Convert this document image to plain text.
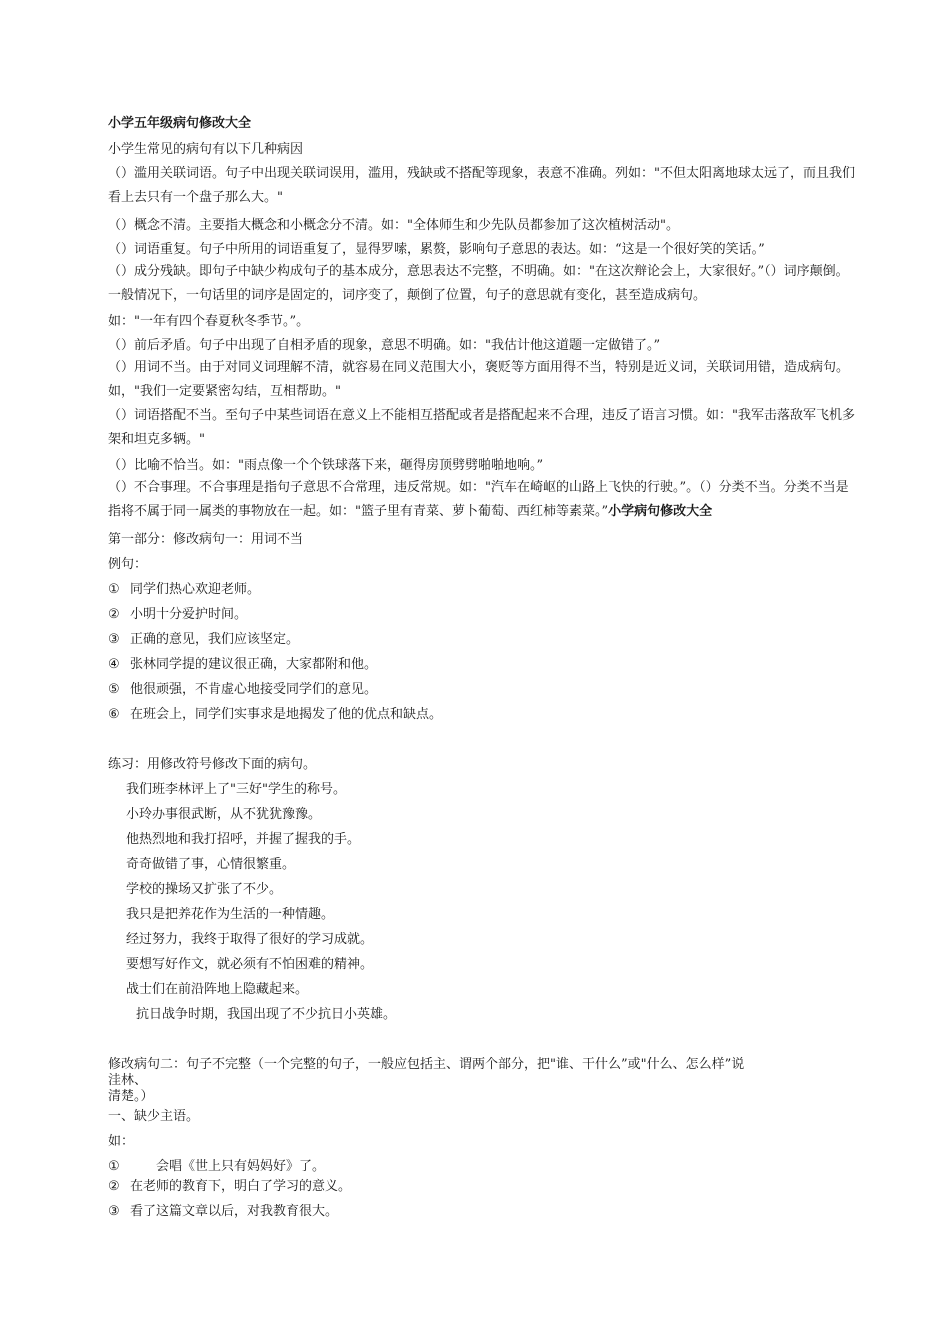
小学五年级病句修改大全
小学生常见的病句有以下几种病因
（）滥用关联词语。句子中出现关联词误用，滥用，残缺或不搭配等现象，表意不准确。列如："不但太阳离地球太远了，而且我们看上去只有一个盘子那么大。"
（）概念不清。主要指大概念和小概念分不清。如："全体师生和少先队员都参加了这次植树活动"。
（）词语重复。句子中所用的词语重复了，显得罗嗦，累赘，影响句子意思的表达。如：“这是一个很好笑的笑话。”
（）成分残缺。即句子中缺少构成句子的基本成分，意思表达不完整，不明确。如："在这次辩论会上，大家很好。”（）词序颠倒。一般情况下，一句话里的词序是固定的，词序变了，颠倒了位置，句子的意思就有变化，甚至造成病句。
如："一年有四个春夏秋冬季节。”。
（）前后矛盾。句子中出现了自相矛盾的现象，意思不明确。如："我估计他这道题一定做错了。”
（）用词不当。由于对同义词理解不清，就容易在同义范围大小，褒贬等方面用得不当，特别是近义词，关联词用错，造成病句。如，"我们一定要紧密勾结，互相帮助。"
（）词语搭配不当。至句子中某些词语在意义上不能相互搭配或者是搭配起来不合理，违反了语言习惯。如："我军击落敌军飞机多架和坦克多辆。"
（）比喻不恰当。如："雨点像一个个铁球落下来，砸得房顶劈劈啪啪地响。”
（）不合事理。不合事理是指句子意思不合常理，违反常规。如："汽车在崎岖的山路上飞快的行驶。”。（）分类不当。分类不当是指将不属于同一属类的事物放在一起。如："篮子里有青菜、萝卜葡萄、西红柿等素菜。”小学病句修改大全
第一部分：修改病句一：用词不当
例句：
① 同学们热心欢迎老师。
② 小明十分爱护时间。
③ 正确的意见，我们应该坚定。
④ 张林同学提的建议很正确，大家都附和他。
⑤ 他很顽强，不肯虚心地接受同学们的意见。
⑥ 在班会上，同学们实事求是地揭发了他的优点和缺点。
练习：用修改符号修改下面的病句。
我们班李林评上了"三好"学生的称号。
小玲办事很武断，从不犹犹豫豫。
他热烈地和我打招呼，并握了握我的手。
奇奇做错了事，心情很繁重。
学校的操场又扩张了不少。
我只是把养花作为生活的一种情趣。
经过努力，我终于取得了很好的学习成就。
要想写好作文，就必须有不怕困难的精神。
战士们在前沿阵地上隐藏起来。
抗日战争时期，我国出现了不少抗日小英雄。
修改病句二：句子不完整（一个完整的句子，一般应包括主、谓两个部分，把"谁、干什么”或"什么、怎么样”说
洼林、
清楚。）
一、缺少主语。
如：
①　　会唱《世上只有妈妈好》了。
② 在老师的教育下，明白了学习的意义。
③ 看了这篇文章以后，对我教育很大。
